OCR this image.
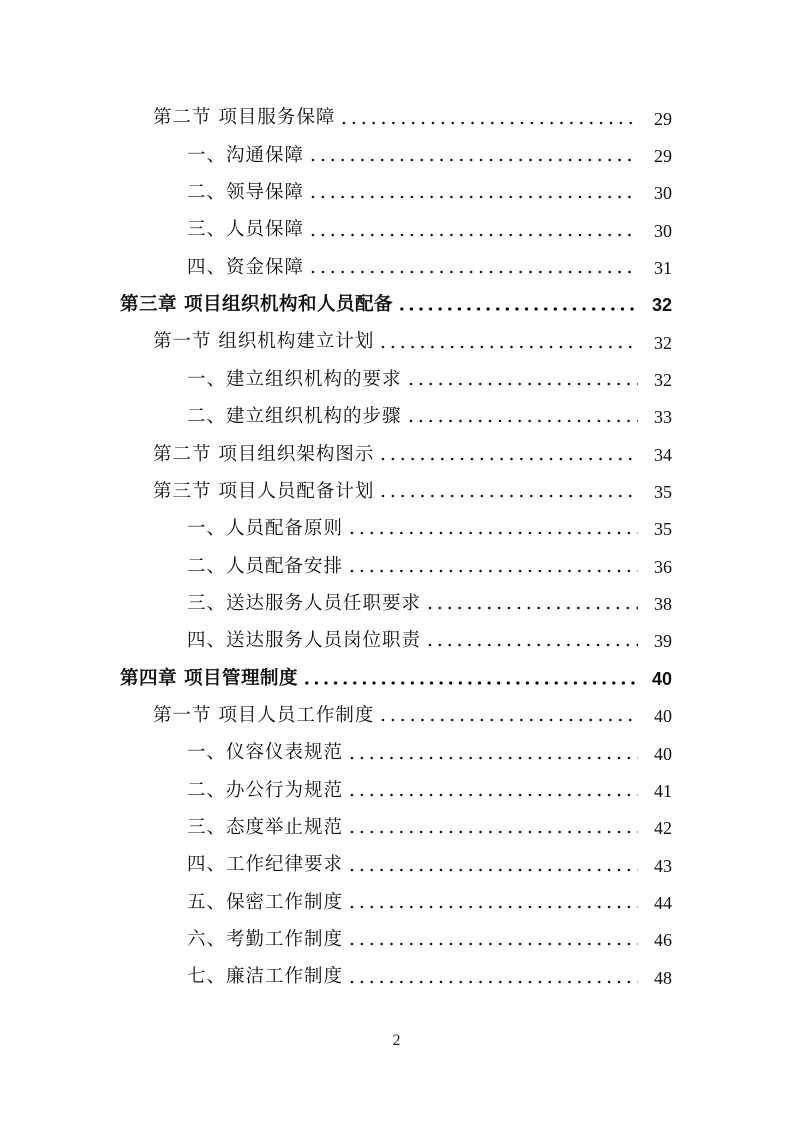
第二节 项目服务保障	29
一、沟通保障	29
二、领导保障	30
三、人员保障	30
四、资金保障	31
第三章 项目组织机构和人员配备	32
第一节 组织机构建立计划	32
一、建立组织机构的要求	32
二、建立组织机构的步骤	33
第二节 项目组织架构图示	34
第三节 项目人员配备计划	35
一、人员配备原则	35
二、人员配备安排	36
三、送达服务人员任职要求	38
四、送达服务人员岗位职责	39
第四章 项目管理制度	40
第一节 项目人员工作制度	40
一、仪容仪表规范	40
二、办公行为规范	41
三、态度举止规范	42
四、工作纪律要求	43
五、保密工作制度	44
六、考勤工作制度	46
七、廉洁工作制度	48
2
